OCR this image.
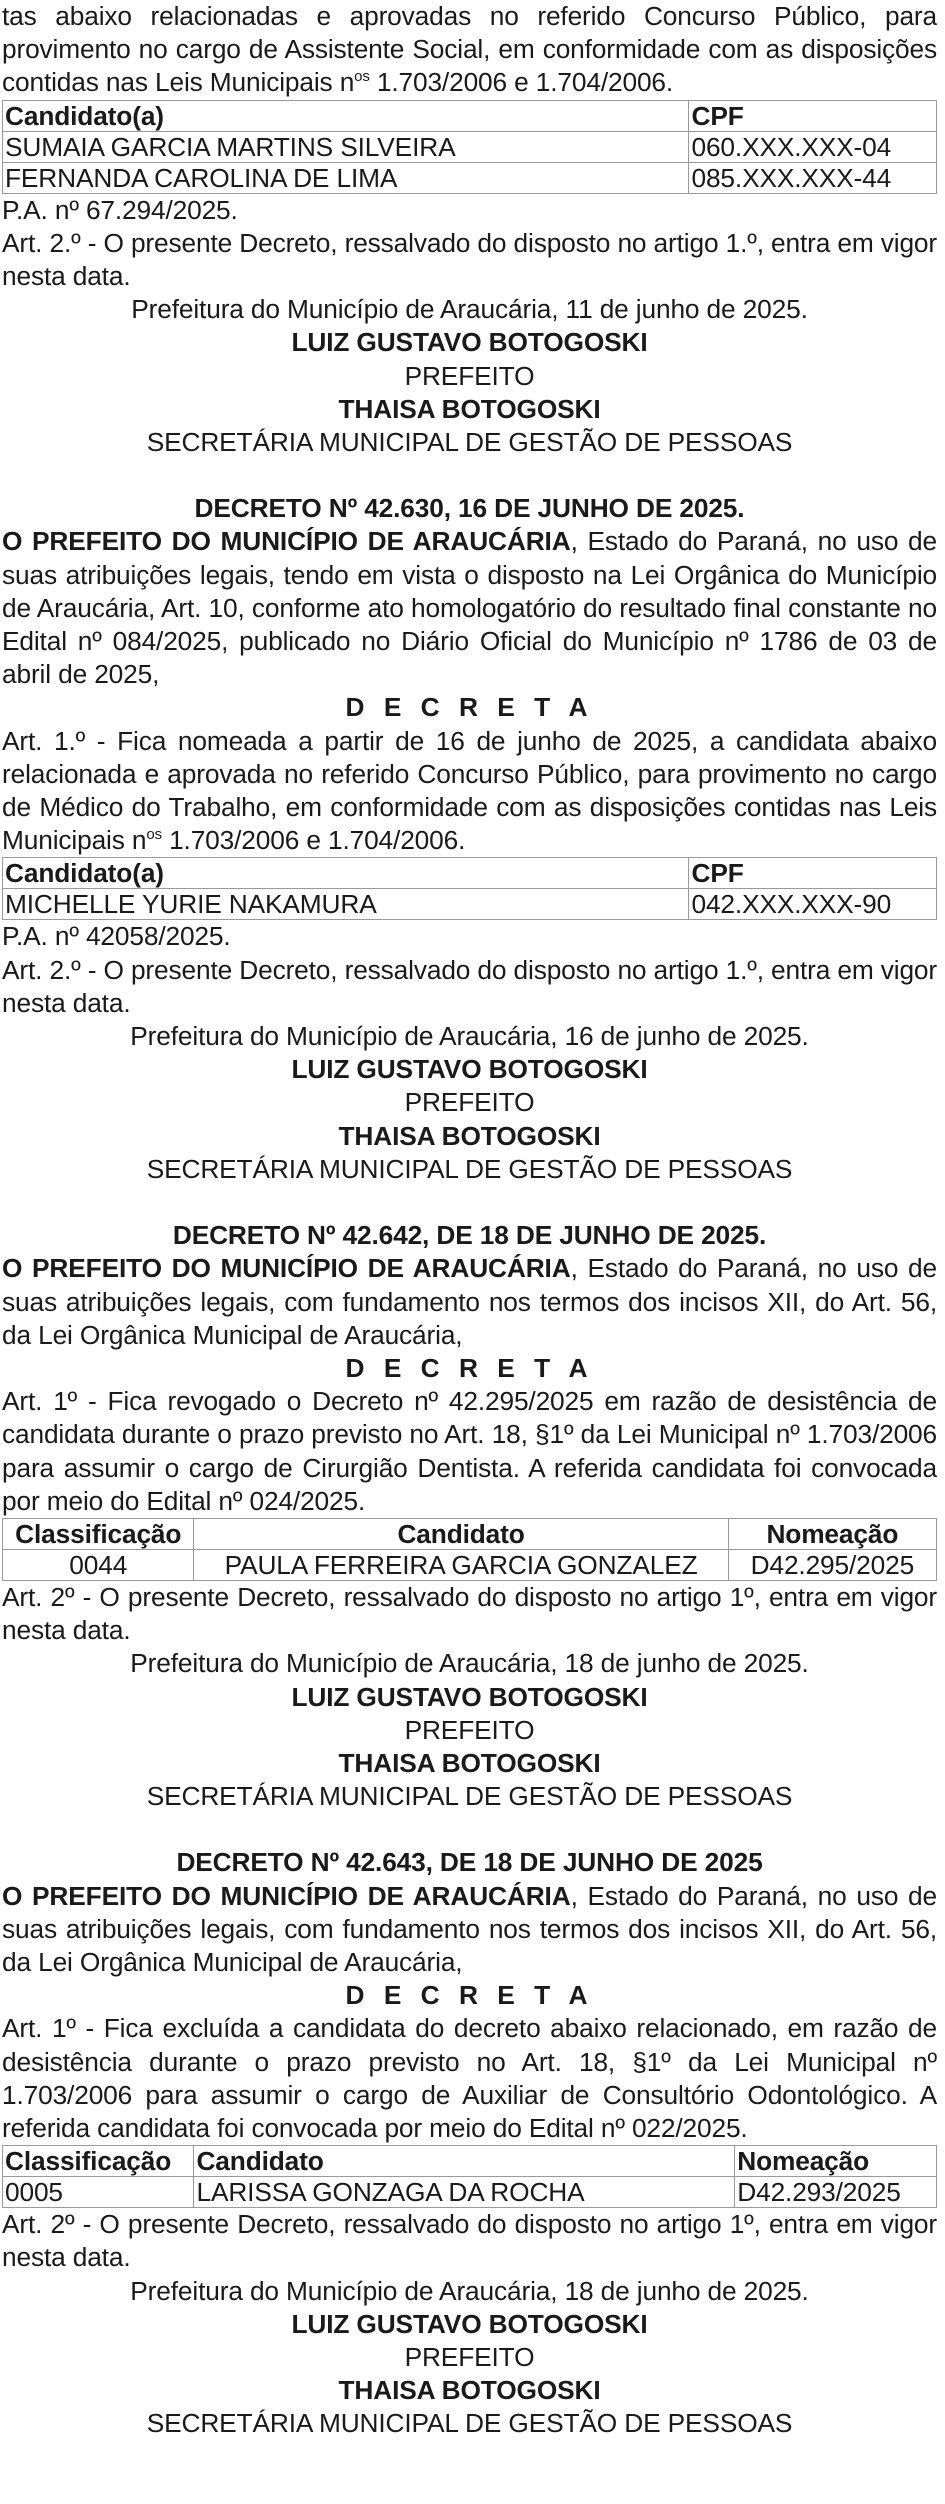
tas abaixo relacionadas e aprovadas no referido Concurso Público, para provimento no cargo de Assistente Social, em conformidade com as disposições contidas nas Leis Municipais $n^{os}$ 1.703/2006 e 1.704/2006.

Candidato(a)	CPF
SUMAIA GARCIA MARTINS SILVEIRA	060.XXX.XXX-04
FERNANDA CAROLINA DE LIMA	085.XXX.XXX-44

P.A. nº 67.294/2025.

Art. 2.º - O presente Decreto, ressalvado do disposto no artigo 1.º, entra em vigor nesta data.

Prefeitura do Município de Araucária, 11 de junho de 2025.

LUIZ GUSTAVO BOTOGOSKI

PREFEITO

THAISA BOTOGOSKI

SECRETÁRIA MUNICIPAL DE GESTÃO DE PESSOAS

DECRETO Nº 42.630, 16 DE JUNHO DE 2025.

O PREFEITO DO MUNICÍPIO DE ARAUCÁRIA, Estado do Paraná, no uso de suas atribuições legais, tendo em vista o disposto na Lei Orgânica do Município de Araucária, Art. 10, conforme ato homologatório do resultado final constante no Edital nº 084/2025, publicado no Diário Oficial do Município nº 1786 de 03 de abril de 2025,

D E C R E T A

Art. 1.º - Fica nomeada a partir de 16 de junho de 2025, a candidata abaixo relacionada e aprovada no referido Concurso Público, para provimento no cargo de Médico do Trabalho, em conformidade com as disposições contidas nas Leis Municipais $n^{os}$ 1.703/2006 e 1.704/2006.

Candidato(a)	CPF
MICHELLE YURIE NAKAMURA	042.XXX.XXX-90

P.A. nº 42058/2025.

Art. 2.º - O presente Decreto, ressalvado do disposto no artigo 1.º, entra em vigor nesta data.

Prefeitura do Município de Araucária, 16 de junho de 2025.

LUIZ GUSTAVO BOTOGOSKI

PREFEITO

THAISA BOTOGOSKI

SECRETÁRIA MUNICIPAL DE GESTÃO DE PESSOAS

DECRETO Nº 42.642, DE 18 DE JUNHO DE 2025.

O PREFEITO DO MUNICÍPIO DE ARAUCÁRIA, Estado do Paraná, no uso de suas atribuições legais, com fundamento nos termos dos incisos XII, do Art. 56, da Lei Orgânica Municipal de Araucária,

D E C R E T A

Art. 1º - Fica revogado o Decreto nº 42.295/2025 em razão de desistência de candidata durante o prazo previsto no Art. 18, §1º da Lei Municipal nº 1.703/2006 para assumir o cargo de Cirurgião Dentista. A referida candidata foi convocada por meio do Edital nº 024/2025.

Classificação	Candidato	Nomeação
0044	PAULA FERREIRA GARCIA GONZALEZ	D42.295/2025

Art. 2º - O presente Decreto, ressalvado do disposto no artigo 1º, entra em vigor nesta data.

Prefeitura do Município de Araucária, 18 de junho de 2025.

LUIZ GUSTAVO BOTOGOSKI

PREFEITO

THAISA BOTOGOSKI

SECRETÁRIA MUNICIPAL DE GESTÃO DE PESSOAS

DECRETO Nº 42.643, DE 18 DE JUNHO DE 2025

O PREFEITO DO MUNICÍPIO DE ARAUCÁRIA, Estado do Paraná, no uso de suas atribuições legais, com fundamento nos termos dos incisos XII, do Art. 56, da Lei Orgânica Municipal de Araucária,

D E C R E T A

Art. 1º - Fica excluída a candidata do decreto abaixo relacionado, em razão de desistência durante o prazo previsto no Art. 18, §1º da Lei Municipal nº 1.703/2006 para assumir o cargo de Auxiliar de Consultório Odontológico. A referida candidata foi convocada por meio do Edital nº 022/2025.

Classificação	Candidato	Nomeação
0005	LARISSA GONZAGA DA ROCHA	D42.293/2025

Art. 2º - O presente Decreto, ressalvado do disposto no artigo 1º, entra em vigor nesta data.

Prefeitura do Município de Araucária, 18 de junho de 2025.

LUIZ GUSTAVO BOTOGOSKI

PREFEITO

THAISA BOTOGOSKI

SECRETÁRIA MUNICIPAL DE GESTÃO DE PESSOAS
